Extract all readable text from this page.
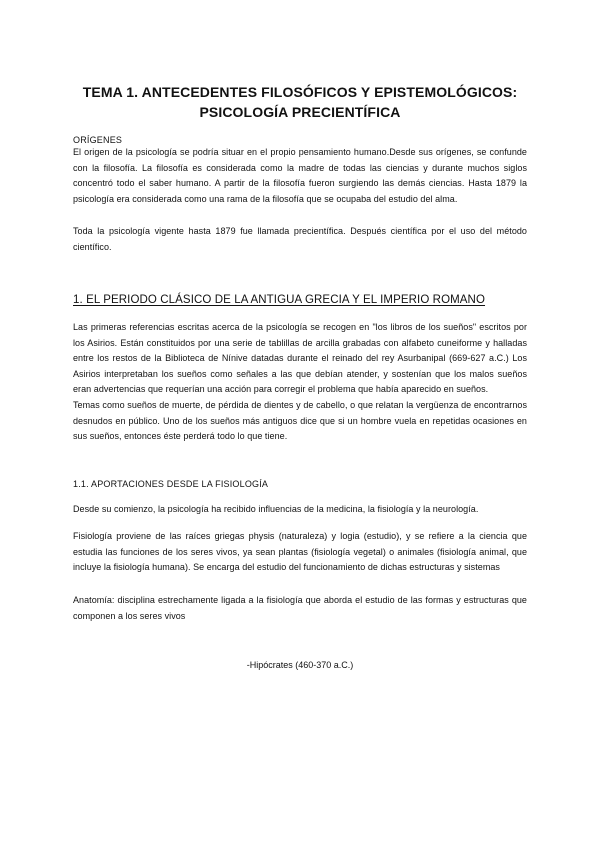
TEMA 1. ANTECEDENTES FILOSÓFICOS Y EPISTEMOLÓGICOS:
PSICOLOGÍA PRECIENTÍFICA
ORÍGENES
El origen de la psicología se podría situar en el propio pensamiento humano.Desde sus orígenes, se confunde con la filosofía. La filosofía es considerada como la madre de todas las ciencias y durante muchos siglos concentró todo el saber humano. A partir de la filosofía fueron surgiendo las demás ciencias. Hasta 1879 la psicología era considerada como una rama de la filosofía que se ocupaba del estudio del alma.
Toda la psicología vigente hasta 1879 fue llamada precientífica. Después científica por el uso del método científico.
1. EL PERIODO CLÁSICO DE LA ANTIGUA GRECIA Y EL IMPERIO ROMANO
Las primeras referencias escritas acerca de la psicología se recogen en "los libros de los sueños" escritos por los Asirios. Están constituidos por una serie de tablillas de arcilla grabadas con alfabeto cuneiforme y halladas entre los restos de la Biblioteca de Nínive datadas durante el reinado del rey Asurbanipal (669-627 a.C.) Los Asirios interpretaban los sueños como señales a las que debían atender, y sostenían que los malos sueños eran advertencias que requerían una acción para corregir el problema que había aparecido en sueños.
Temas como sueños de muerte, de pérdida de dientes y de cabello, o que relatan la vergüenza de encontrarnos desnudos en público. Uno de los sueños más antiguos dice que si un hombre vuela en repetidas ocasiones en sus sueños, entonces éste perderá todo lo que tiene.
1.1. APORTACIONES DESDE LA FISIOLOGÍA
Desde su comienzo, la psicología ha recibido influencias de la medicina, la fisiología y la neurología.
Fisiología proviene de las raíces griegas physis (naturaleza) y logia (estudio), y se refiere a la ciencia que estudia las funciones de los seres vivos, ya sean plantas (fisiología vegetal) o animales (fisiología animal, que incluye la fisiología humana). Se encarga del estudio del funcionamiento de dichas estructuras y sistemas
Anatomía: disciplina estrechamente ligada a la fisiología que aborda el estudio de las formas y estructuras que componen a los seres vivos
-Hipócrates (460-370 a.C.)
